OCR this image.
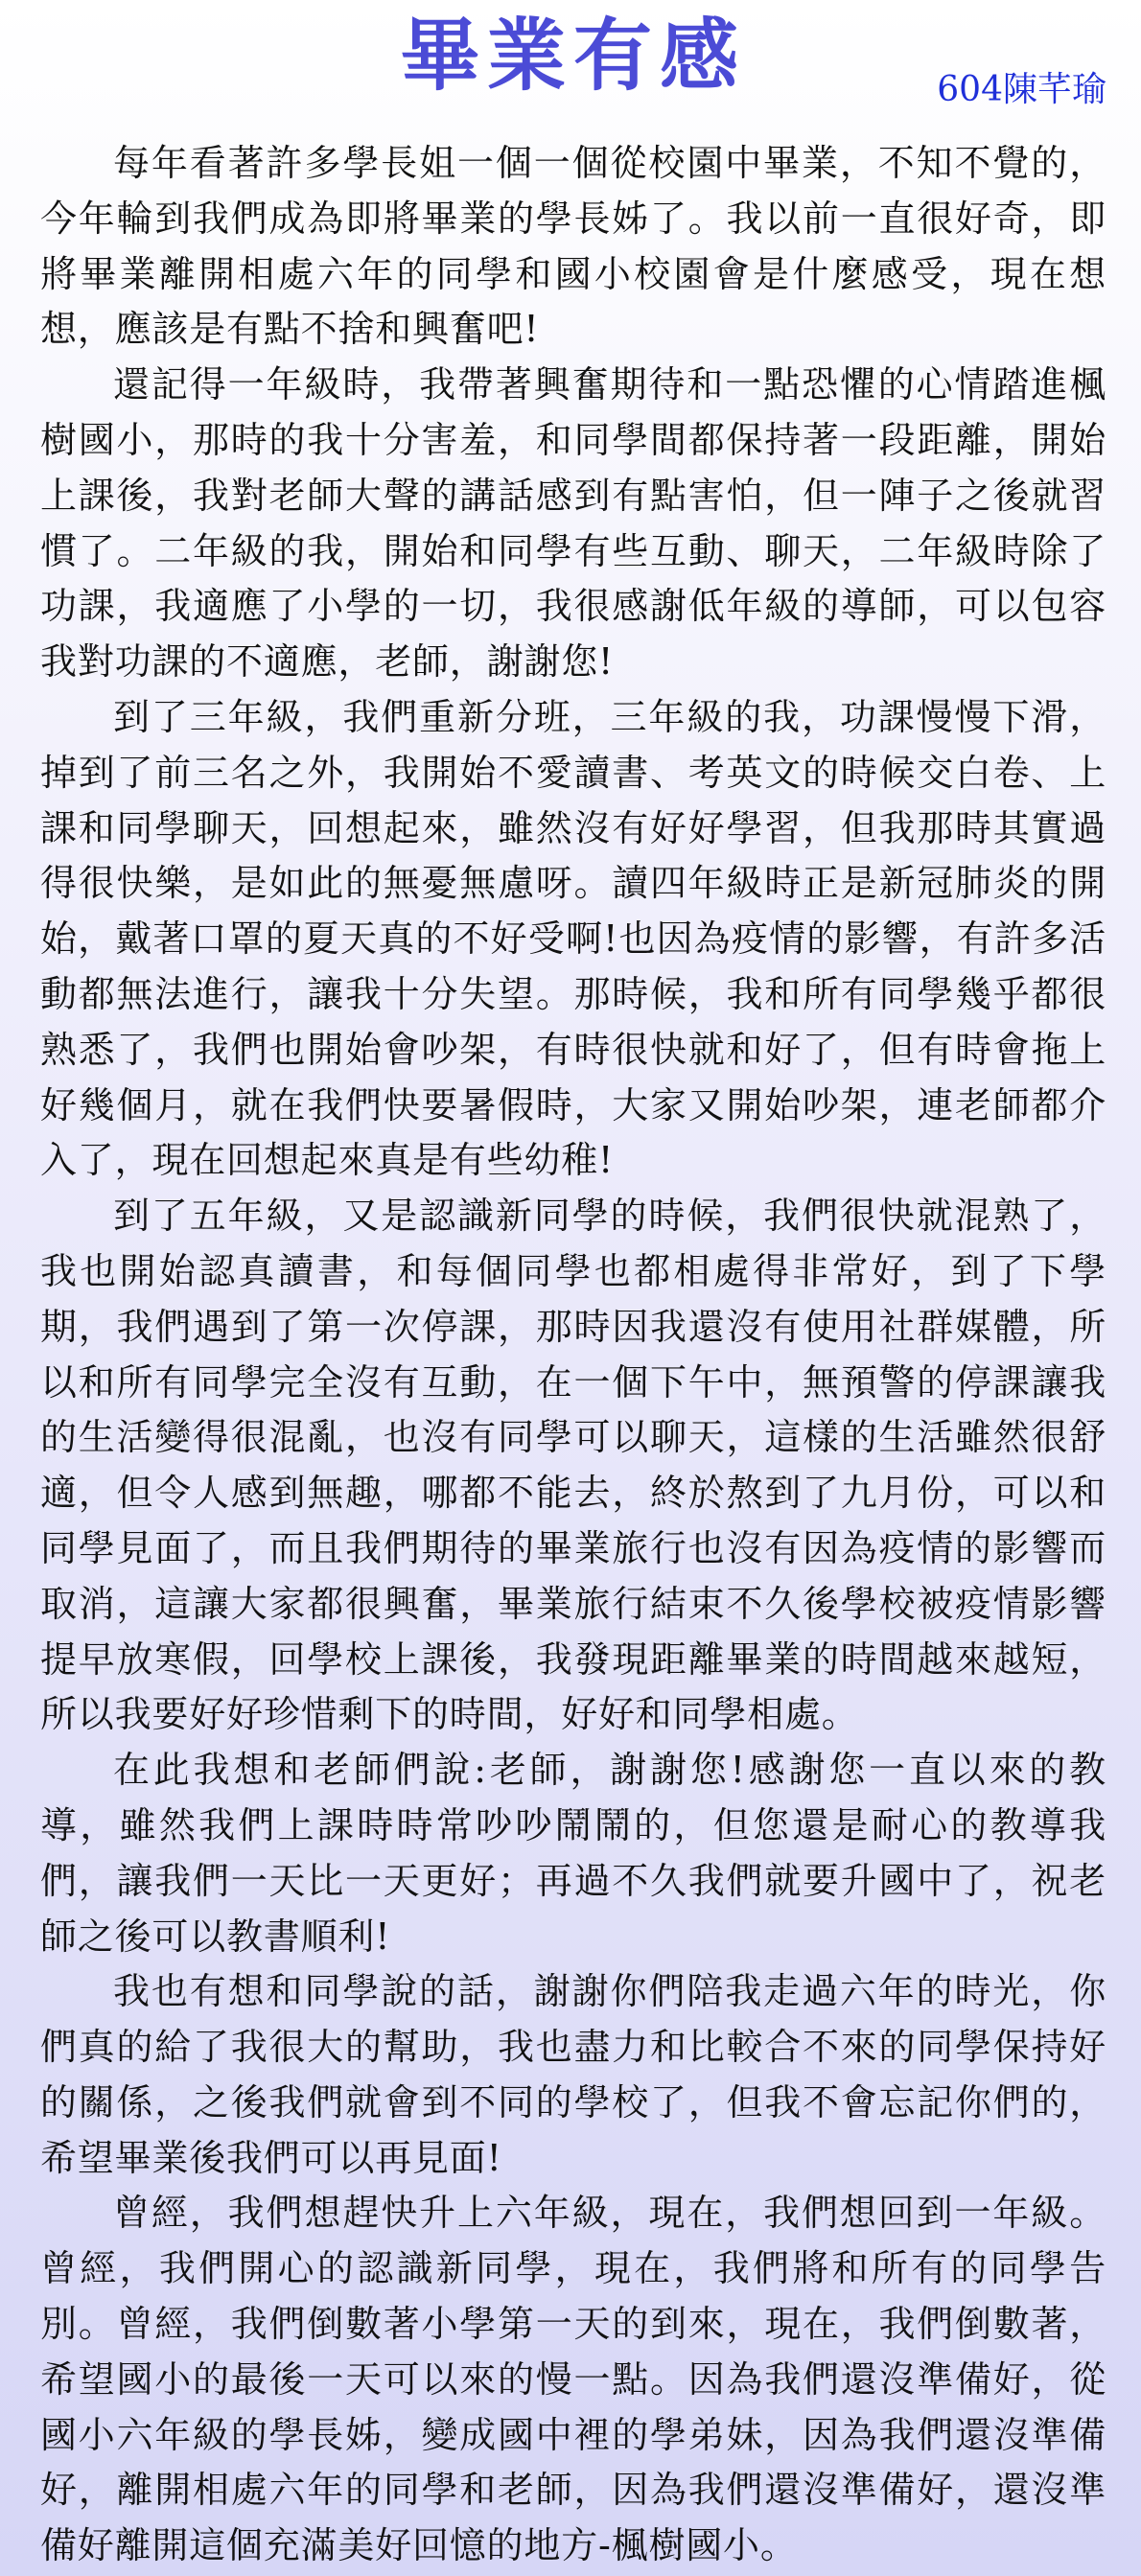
畢業有感	604陳芊瑜

每年看著許多學長姐一個一個從校園中畢業，不知不覺的，今年輪到我們成為即將畢業的學長姊了。我以前一直很好奇，即將畢業離開相處六年的同學和國小校園會是什麼感受，現在想想，應該是有點不捨和興奮吧!

還記得一年級時，我帶著興奮期待和一點恐懼的心情踏進楓樹國小，那時的我十分害羞，和同學間都保持著一段距離，開始上課後，我對老師大聲的講話感到有點害怕，但一陣子之後就習慣了。二年級的我，開始和同學有些互動、聊天，二年級時除了功課，我適應了小學的一切，我很感謝低年級的導師，可以包容我對功課的不適應，老師，謝謝您!

到了三年級，我們重新分班，三年級的我，功課慢慢下滑，掉到了前三名之外，我開始不愛讀書、考英文的時候交白卷、上課和同學聊天，回想起來，雖然沒有好好學習，但我那時其實過得很快樂，是如此的無憂無慮呀。讀四年級時正是新冠肺炎的開始，戴著口罩的夏天真的不好受啊!也因為疫情的影響，有許多活動都無法進行，讓我十分失望。那時候，我和所有同學幾乎都很熟悉了，我們也開始會吵架，有時很快就和好了，但有時會拖上好幾個月，就在我們快要暑假時，大家又開始吵架，連老師都介入了，現在回想起來真是有些幼稚!

到了五年級，又是認識新同學的時候，我們很快就混熟了，我也開始認真讀書，和每個同學也都相處得非常好，到了下學期，我們遇到了第一次停課，那時因我還沒有使用社群媒體，所以和所有同學完全沒有互動，在一個下午中，無預警的停課讓我的生活變得很混亂，也沒有同學可以聊天，這樣的生活雖然很舒適，但令人感到無趣，哪都不能去，終於熬到了九月份，可以和同學見面了，而且我們期待的畢業旅行也沒有因為疫情的影響而取消，這讓大家都很興奮，畢業旅行結束不久後學校被疫情影響提早放寒假，回學校上課後，我發現距離畢業的時間越來越短，所以我要好好珍惜剩下的時間，好好和同學相處。

在此我想和老師們說:老師，謝謝您!感謝您一直以來的教導，雖然我們上課時時常吵吵鬧鬧的，但您還是耐心的教導我們，讓我們一天比一天更好；再過不久我們就要升國中了，祝老師之後可以教書順利!

我也有想和同學說的話，謝謝你們陪我走過六年的時光，你們真的給了我很大的幫助，我也盡力和比較合不來的同學保持好的關係，之後我們就會到不同的學校了，但我不會忘記你們的，希望畢業後我們可以再見面!

曾經，我們想趕快升上六年級，現在，我們想回到一年級。曾經，我們開心的認識新同學，現在，我們將和所有的同學告別。曾經，我們倒數著小學第一天的到來，現在，我們倒數著，希望國小的最後一天可以來的慢一點。因為我們還沒準備好，從國小六年級的學長姊，變成國中裡的學弟妹，因為我們還沒準備好，離開相處六年的同學和老師，因為我們還沒準備好，還沒準備好離開這個充滿美好回憶的地方-楓樹國小。
